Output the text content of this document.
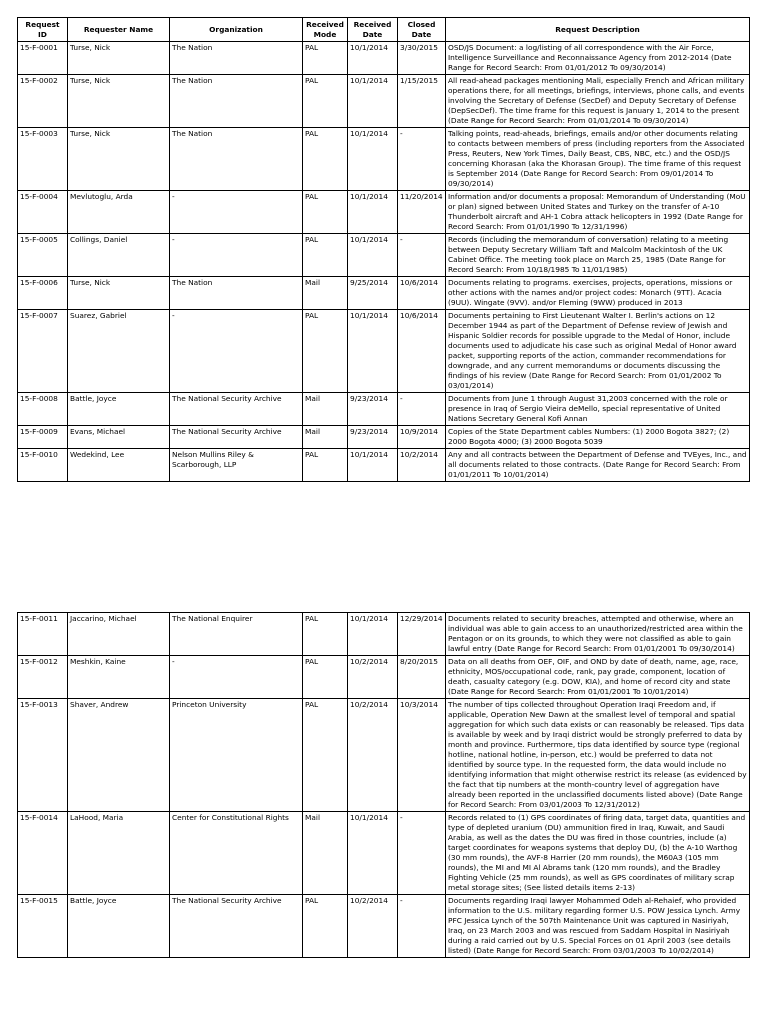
Request ID	Requester Name	Organization	Received Mode	Received Date	Closed Date	Request Description
15-F-0001	Turse, Nick	The Nation	PAL	10/1/2014	3/30/2015	OSD/JS Document: a log/listing of all correspondence with the Air Force, Intelligence Surveillance and Reconnaissance Agency from 2012-2014 (Date Range for Record Search: From 01/01/2012 To 09/30/2014)
15-F-0002	Turse, Nick	The Nation	PAL	10/1/2014	1/15/2015	All read-ahead packages mentioning Mali, especially French and African military operations there, for all meetings, briefings, interviews, phone calls, and events involving the Secretary of Defense (SecDef) and Deputy Secretary of Defense (DepSecDef). The time frame for this request is January 1, 2014 to the present (Date Range for Record Search: From 01/01/2014 To 09/30/2014)
15-F-0003	Turse, Nick	The Nation	PAL	10/1/2014	-	Talking points, read-aheads, briefings, emails and/or other documents relating to contacts between members of press (including reporters from the Associated Press, Reuters, New York Times, Daily Beast, CBS, NBC, etc.) and the OSD/JS concerning Khorasan (aka the Khorasan Group). The time frame of this request is September 2014 (Date Range for Record Search: From 09/01/2014 To 09/30/2014)
15-F-0004	Mevlutoglu, Arda	-	PAL	10/1/2014	11/20/2014	Information and/or documents a proposal: Memorandum of Understanding (MoU or plan) signed between United States and Turkey on the transfer of A-10 Thunderbolt aircraft and AH-1 Cobra attack helicopters in 1992 (Date Range for Record Search: From 01/01/1990 To 12/31/1996)
15-F-0005	Collings, Daniel	-	PAL	10/1/2014	-	Records (including the memorandum of conversation) relating to a meeting between Deputy Secretary William Taft and Malcolm Mackintosh of the UK Cabinet Office. The meeting took place on March 25, 1985 (Date Range for Record Search: From 10/18/1985 To 11/01/1985)
15-F-0006	Turse, Nick	The Nation	Mail	9/25/2014	10/6/2014	Documents relating to programs. exercises, projects, operations, missions or other actions with the names and/or project codes: Monarch (9TT). Acacia (9UU). Wingate (9VV). and/or Fleming (9WW) produced in 2013
15-F-0007	Suarez, Gabriel	-	PAL	10/1/2014	10/6/2014	Documents pertaining to First Lieutenant Walter I. Berlin's actions on 12 December 1944 as part of the Department of Defense review of Jewish and Hispanic Soldier records for possible upgrade to the Medal of Honor, include documents used to adjudicate his case such as original Medal of Honor award packet, supporting reports of the action, commander recommendations for downgrade, and any current memorandums or documents discussing the findings of his review (Date Range for Record Search: From 01/01/2002 To 03/01/2014)
15-F-0008	Battle, Joyce	The National Security Archive	Mail	9/23/2014	-	Documents from June 1 through August 31,2003 concerned with the role or presence in Iraq of Sergio Vieira deMello, special representative of United Nations Secretary General Kofi Annan
15-F-0009	Evans, Michael	The National Security Archive	Mail	9/23/2014	10/9/2014	Copies of the State Department cables Numbers: (1) 2000 Bogota 3827; (2) 2000 Bogota 4000; (3) 2000 Bogota 5039
15-F-0010	Wedekind, Lee	Nelson Mullins Riley & Scarborough, LLP	PAL	10/1/2014	10/2/2014	Any and all contracts between the Department of Defense and TVEyes, Inc., and all documents related to those contracts. (Date Range for Record Search: From 01/01/2011 To 10/01/2014)
15-F-0011	Jaccarino, Michael	The National Enquirer	PAL	10/1/2014	12/29/2014	Documents related to security breaches, attempted and otherwise, where an individual was able to gain access to an unauthorized/restricted area within the Pentagon or on its grounds, to which they were not classified as able to gain lawful entry (Date Range for Record Search: From 01/01/2001 To 09/30/2014)
15-F-0012	Meshkin, Kaine	-	PAL	10/2/2014	8/20/2015	Data on all deaths from OEF, OIF, and OND by date of death, name, age, race, ethnicity, MOS/occupational code, rank, pay grade, component, location of death, casualty category (e.g. DOW, KIA), and home of record city and state (Date Range for Record Search: From 01/01/2001 To 10/01/2014)
15-F-0013	Shaver, Andrew	Princeton University	PAL	10/2/2014	10/3/2014	The number of tips collected throughout Operation Iraqi Freedom and, if applicable, Operation New Dawn at the smallest level of temporal and spatial aggregation for which such data exists or can reasonably be released. Tips data is available by week and by Iraqi district would be strongly preferred to data by month and province. Furthermore, tips data identified by source type (regional hotline, national hotline, in-person, etc.) would be preferred to data not identified by source type. In the requested form, the data would include no identifying information that might otherwise restrict its release (as evidenced by the fact that tip numbers at the month-country level of aggregation have already been reported in the unclassified documents listed above) (Date Range for Record Search: From 03/01/2003 To 12/31/2012)
15-F-0014	LaHood, Maria	Center for Constitutional Rights	Mail	10/1/2014	-	Records related to (1) GPS coordinates of firing data, target data, quantities and type of depleted uranium (DU) ammunition fired in Iraq, Kuwait, and Saudi Arabia, as well as the dates the DU was fired in those countries, include (a) target coordinates for weapons systems that deploy DU, (b) the A-10 Warthog (30 mm rounds), the AVF-8 Harrier (20 mm rounds), the M60A3 (105 mm rounds), the MI and MI Al Abrams tank (120 mm rounds), and the Bradley Fighting Vehicle (25 mm rounds), as well as GPS coordinates of military scrap metal storage sites; (See listed details items 2-13)
15-F-0015	Battle, Joyce	The National Security Archive	PAL	10/2/2014	-	Documents regarding Iraqi lawyer Mohammed Odeh al-Rehaief, who provided information to the U.S. military regarding former U.S. POW Jessica Lynch. Army PFC Jessica Lynch of the 507th Maintenance Unit was captured in Nasiriyah, Iraq, on 23 March 2003 and was rescued from Saddam Hospital in Nasiriyah during a raid carried out by U.S. Special Forces on 01 April 2003 (see details listed) (Date Range for Record Search: From 03/01/2003 To 10/02/2014)
